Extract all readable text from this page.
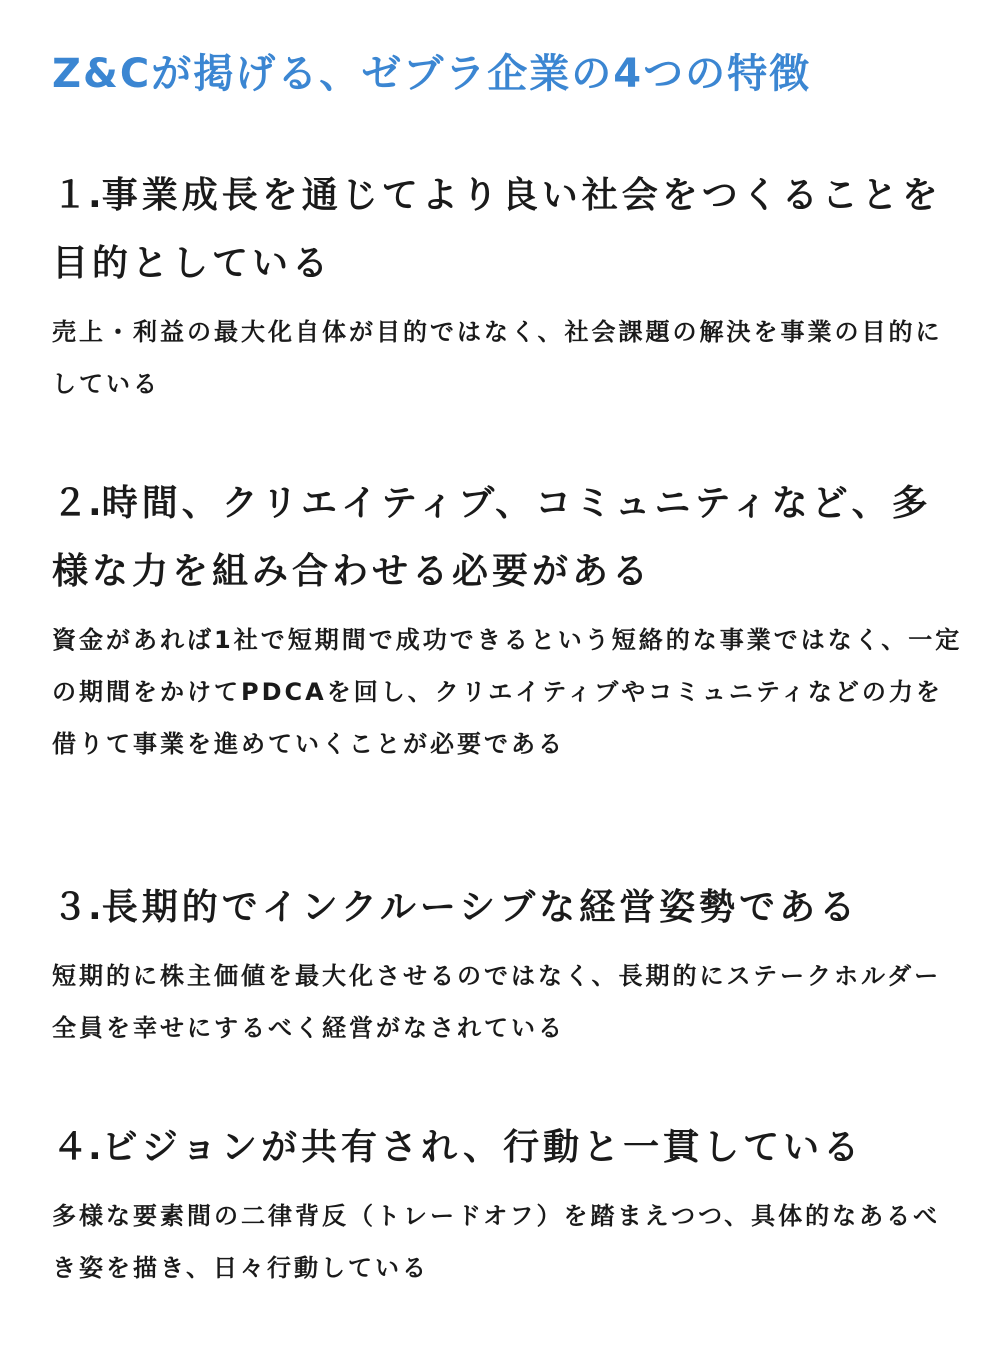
Z&Cが掲げる、ゼブラ企業の4つの特徴
１.事業成長を通じてより良い社会をつくることを目的としている

売上・利益の最大化自体が目的ではなく、社会課題の解決を事業の目的にしている

２.時間、クリエイティブ、コミュニティなど、多様な力を組み合わせる必要がある

資金があれば1社で短期間で成功できるという短絡的な事業ではなく、一定の期間をかけてPDCAを回し、クリエイティブやコミュニティなどの力を借りて事業を進めていくことが必要である

３.長期的でインクルーシブな経営姿勢である

短期的に株主価値を最大化させるのではなく、長期的にステークホルダー全員を幸せにするべく経営がなされている

４.ビジョンが共有され、行動と一貫している

多様な要素間の二律背反（トレードオフ）を踏まえつつ、具体的なあるべき姿を描き、日々行動している
